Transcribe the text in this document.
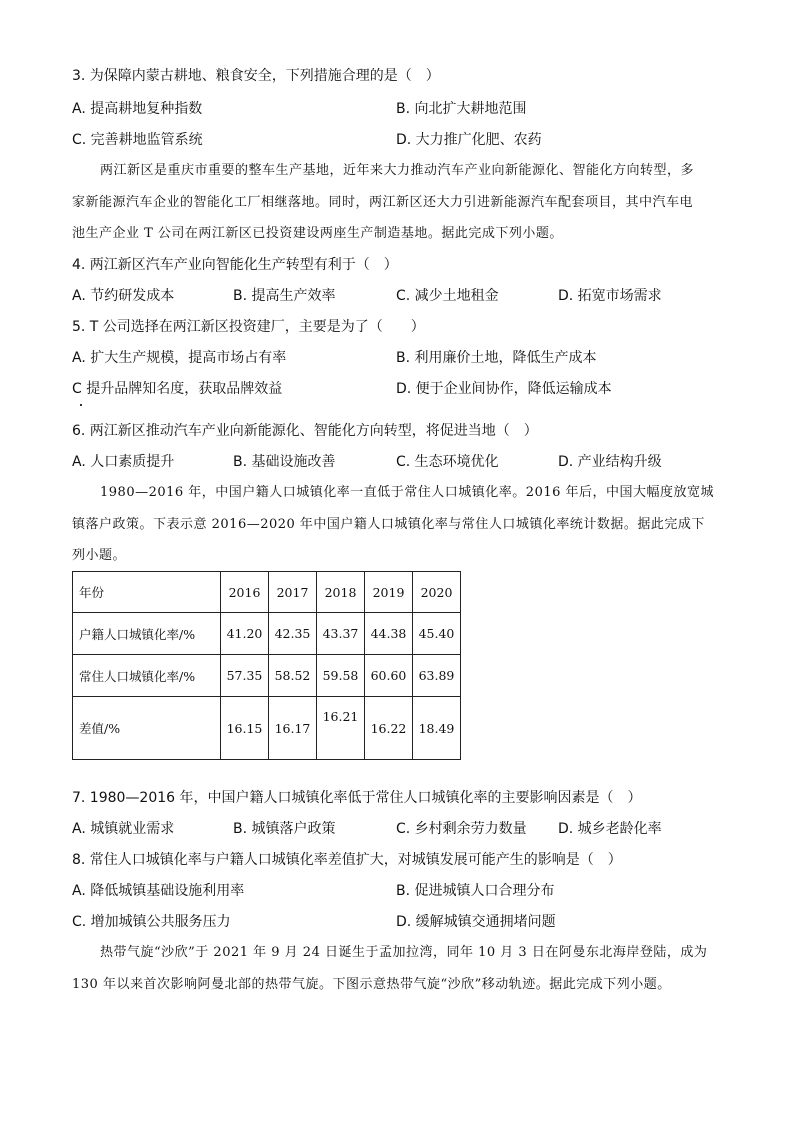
3. 为保障内蒙古耕地、粮食安全，下列措施合理的是（　）
A. 提高耕地复种指数	B. 向北扩大耕地范围
C. 完善耕地监管系统	D. 大力推广化肥、农药
两江新区是重庆市重要的整车生产基地，近年来大力推动汽车产业向新能源化、智能化方向转型，多
家新能源汽车企业的智能化工厂相继落地。同时，两江新区还大力引进新能源汽车配套项目，其中汽车电
池生产企业 T 公司在两江新区已投资建设两座生产制造基地。据此完成下列小题。
4. 两江新区汽车产业向智能化生产转型有利于（　）
A. 节约研发成本	B. 提高生产效率	C. 减少土地租金	D. 拓宽市场需求
5. T 公司选择在两江新区投资建厂，主要是为了（　　）
A. 扩大生产规模，提高市场占有率	B. 利用廉价土地，降低生产成本
C 提升品牌知名度，获取品牌效益	D. 便于企业间协作，降低运输成本
6. 两江新区推动汽车产业向新能源化、智能化方向转型，将促进当地（　）
A. 人口素质提升	B. 基础设施改善	C. 生态环境优化	D. 产业结构升级
1980—2016 年，中国户籍人口城镇化率一直低于常住人口城镇化率。2016 年后，中国大幅度放宽城
镇落户政策。下表示意 2016—2020 年中国户籍人口城镇化率与常住人口城镇化率统计数据。据此完成下
列小题。
年份	2016	2017	2018	2019	2020
户籍人口城镇化率/%	41.20	42.35	43.37	44.38	45.40
常住人口城镇化率/%	57.35	58.52	59.58	60.60	63.89
差值/%	16.15	16.17	16.21	16.22	18.49
7. 1980—2016 年，中国户籍人口城镇化率低于常住人口城镇化率的主要影响因素是（　）
A. 城镇就业需求	B. 城镇落户政策	C. 乡村剩余劳力数量 D. 城乡老龄化率
8. 常住人口城镇化率与户籍人口城镇化率差值扩大，对城镇发展可能产生的影响是（　）
A. 降低城镇基础设施利用率	B. 促进城镇人口合理分布
C. 增加城镇公共服务压力	D. 缓解城镇交通拥堵问题
热带气旋“沙欣”于 2021 年 9 月 24 日诞生于孟加拉湾，同年 10 月 3 日在阿曼东北海岸登陆，成为
130 年以来首次影响阿曼北部的热带气旋。下图示意热带气旋“沙欣”移动轨迹。据此完成下列小题。
